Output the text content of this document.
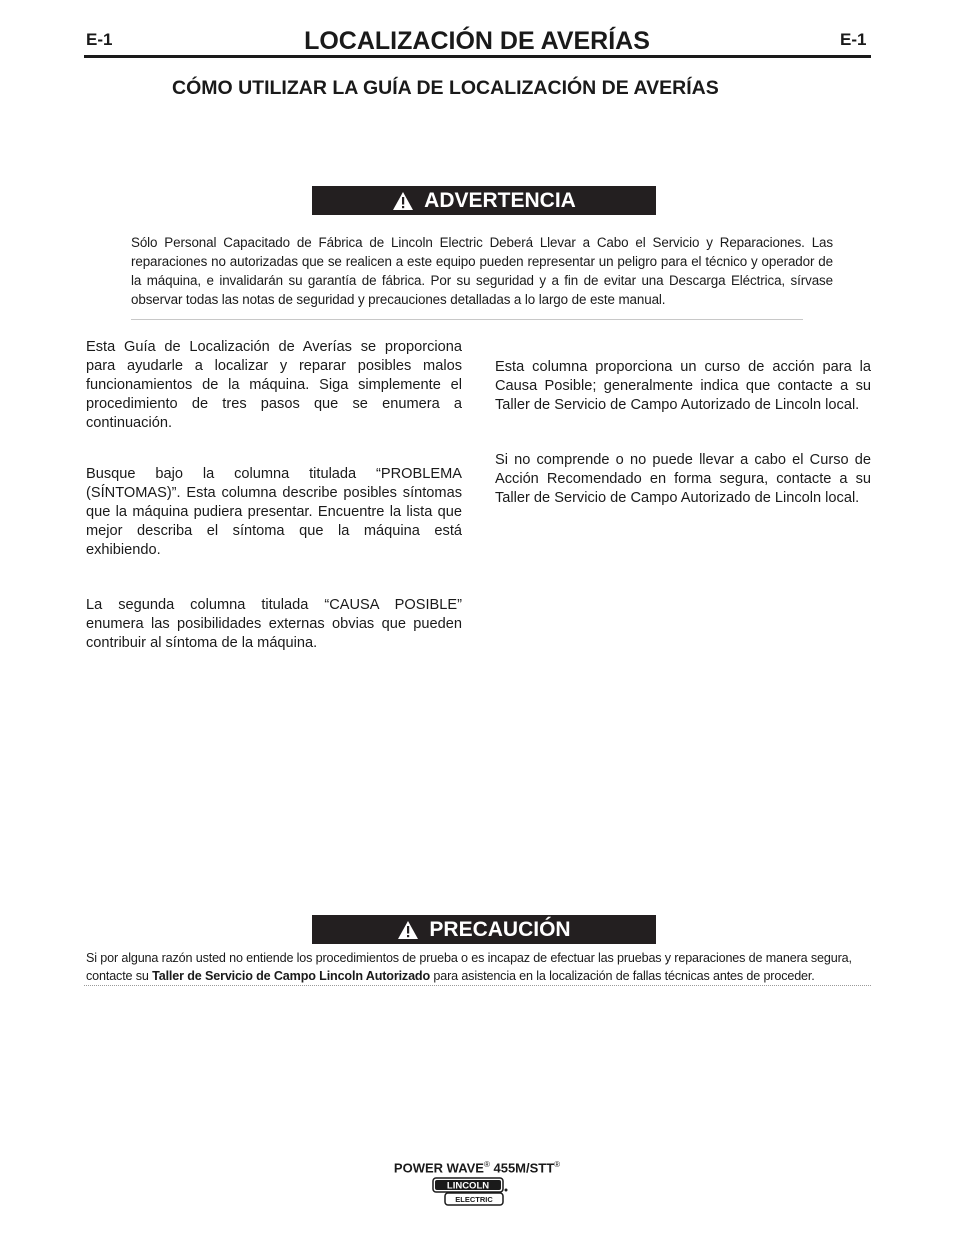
E-1	E-1
LOCALIZACIÓN DE AVERÍAS
CÓMO UTILIZAR LA GUÍA DE LOCALIZACIÓN DE AVERÍAS
ADVERTENCIA
Sólo Personal Capacitado de Fábrica de Lincoln Electric Deberá Llevar a Cabo el Servicio y Reparaciones. Las reparaciones no autorizadas que se realicen a este equipo pueden representar un peligro para el técnico y operador de la máquina, e invalidarán su garantía de fábrica. Por su seguridad y a fin de evitar una Descarga Eléctrica, sírvase observar todas las notas de seguridad y precauciones detalladas a lo largo de este manual.
Esta Guía de Localización de Averías se proporciona para ayudarle a localizar y reparar posibles malos funcionamientos de la máquina. Siga simplemente el procedimiento de tres pasos que se enumera a continuación.
Busque bajo la columna titulada “PROBLEMA (SÍNTOMAS)”. Esta columna describe posibles síntomas que la máquina pudiera presentar. Encuentre la lista que mejor describa el síntoma que la máquina está exhibiendo.
La segunda columna titulada “CAUSA POSIBLE” enumera las posibilidades externas obvias que pueden contribuir al síntoma de la máquina.
Esta columna proporciona un curso de acción para la Causa Posible; generalmente indica que contacte a su Taller de Servicio de Campo Autorizado de Lincoln local.
Si no comprende o no puede llevar a cabo el Curso de Acción Recomendado en forma segura, contacte a su Taller de Servicio de Campo Autorizado de Lincoln local.
PRECAUCIÓN
Si por alguna razón usted no entiende los procedimientos de prueba o es incapaz de efectuar las pruebas y reparaciones de manera segura, contacte su Taller de Servicio de Campo Lincoln Autorizado para asistencia en la localización de fallas técnicas antes de proceder.
POWER WAVE® 455M/STT®
LINCOLN
ELECTRIC
